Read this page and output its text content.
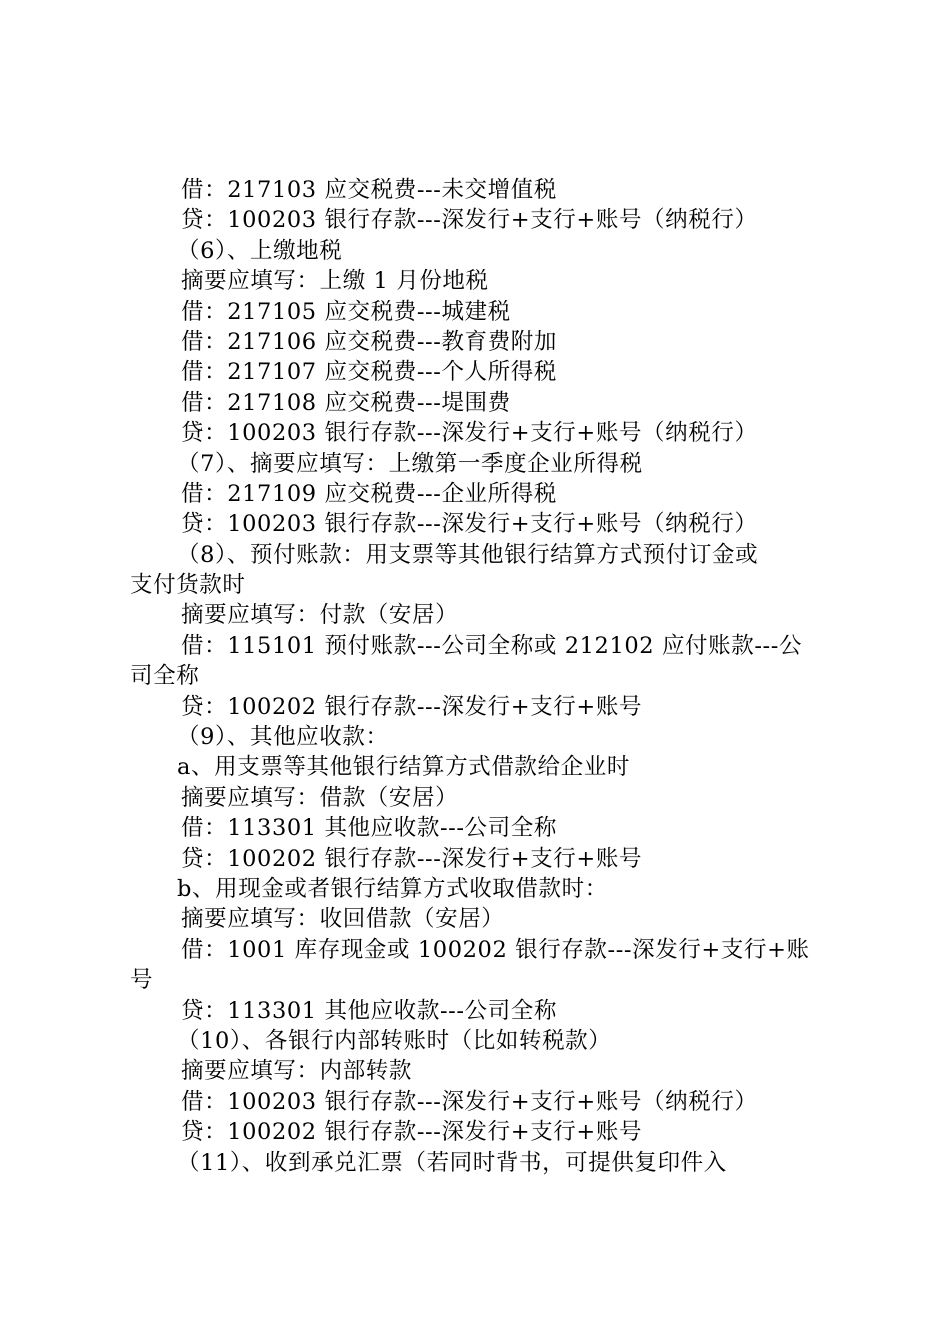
借：217103 应交税费---未交增值税
贷：100203 银行存款---深发行+支行+账号（纳税行）
（6）、上缴地税
摘要应填写：上缴 1 月份地税
借：217105 应交税费---城建税
借：217106 应交税费---教育费附加
借：217107 应交税费---个人所得税
借：217108 应交税费---堤围费
贷：100203 银行存款---深发行+支行+账号（纳税行）
（7）、摘要应填写：上缴第一季度企业所得税
借：217109 应交税费---企业所得税
贷：100203 银行存款---深发行+支行+账号（纳税行）
（8）、预付账款：用支票等其他银行结算方式预付订金或
支付货款时
摘要应填写：付款（安居）
借：115101 预付账款---公司全称或 212102 应付账款---公
司全称
贷：100202 银行存款---深发行+支行+账号
（9）、其他应收款：
a、用支票等其他银行结算方式借款给企业时
摘要应填写：借款（安居）
借：113301 其他应收款---公司全称
贷：100202 银行存款---深发行+支行+账号
b、用现金或者银行结算方式收取借款时：
摘要应填写：收回借款（安居）
借：1001 库存现金或 100202 银行存款---深发行+支行+账
号
贷：113301 其他应收款---公司全称
（10）、各银行内部转账时（比如转税款）
摘要应填写：内部转款
借：100203 银行存款---深发行+支行+账号（纳税行）
贷：100202 银行存款---深发行+支行+账号
（11）、收到承兑汇票（若同时背书，可提供复印件入
